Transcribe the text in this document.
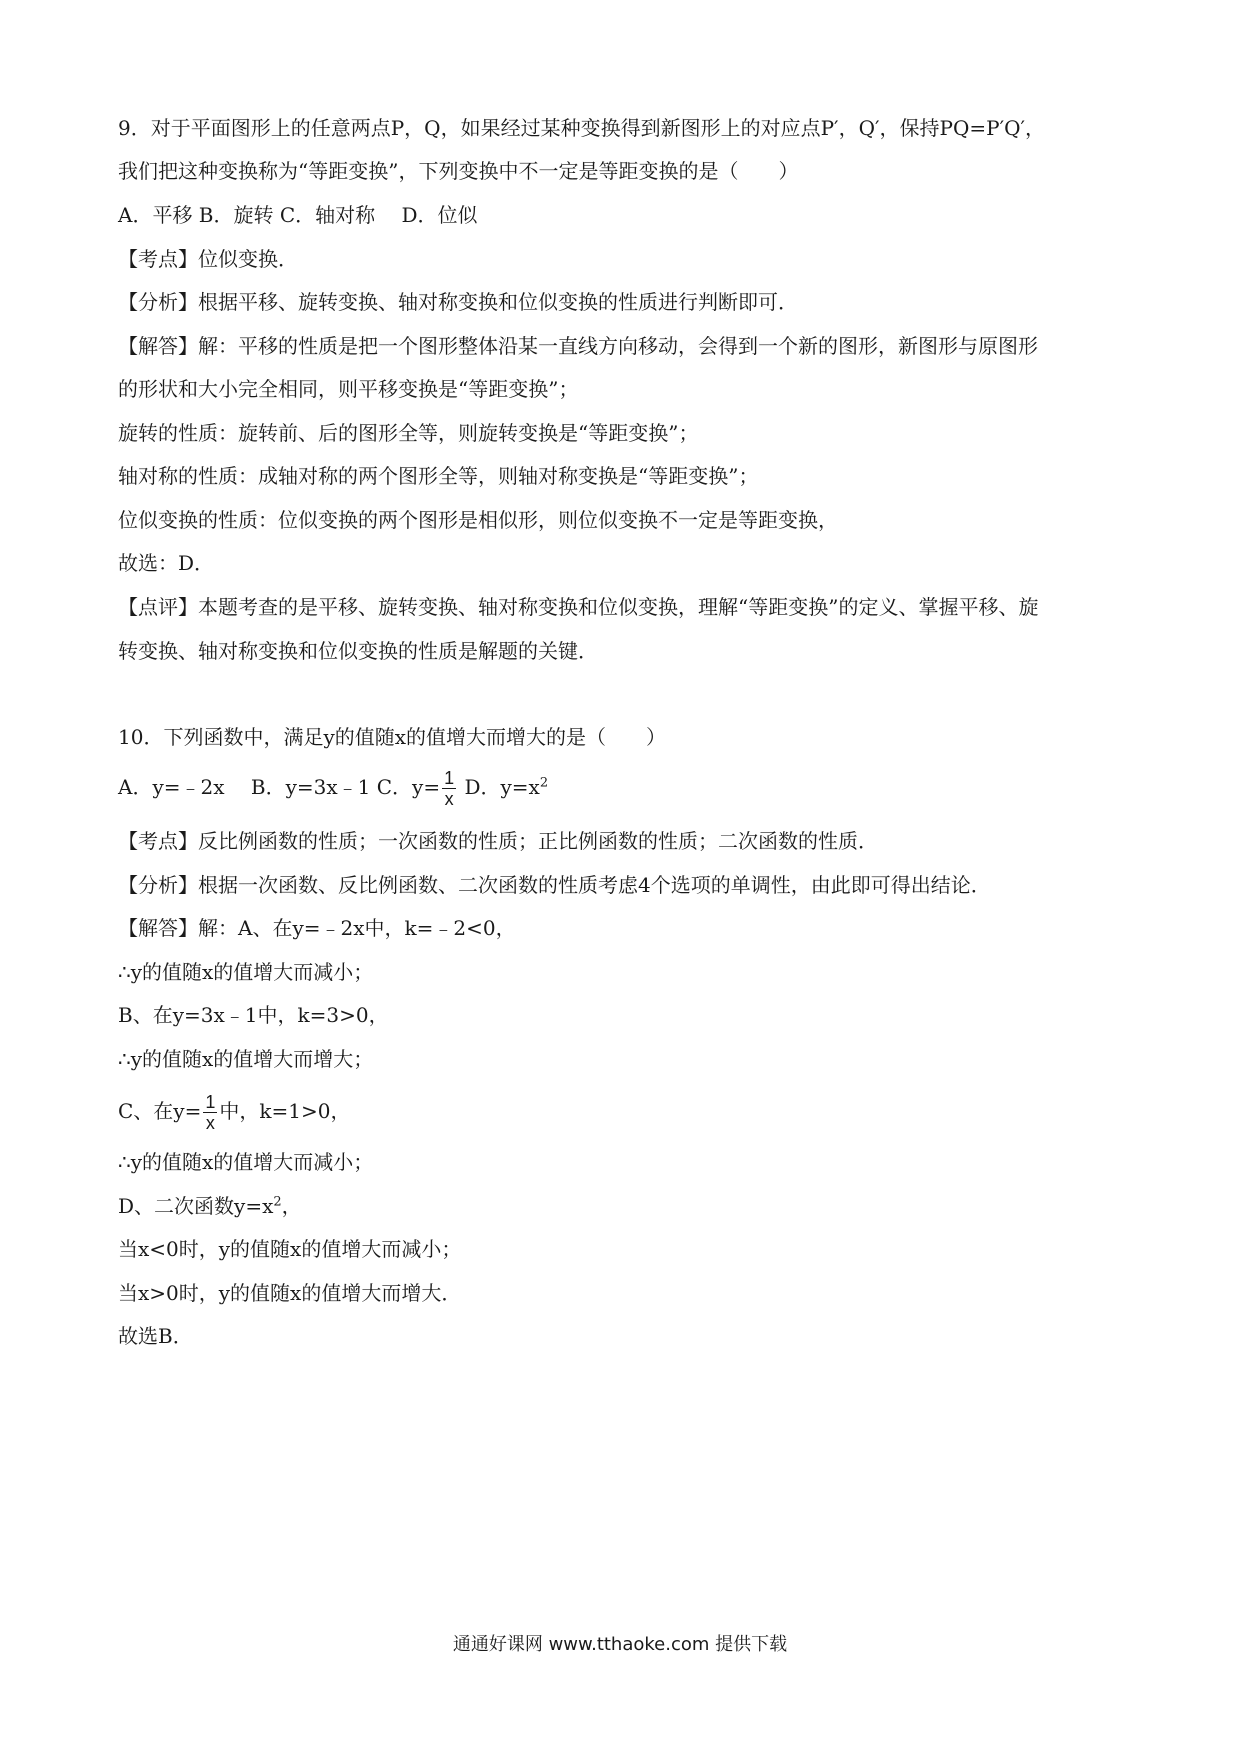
9．对于平面图形上的任意两点P，Q，如果经过某种变换得到新图形上的对应点P′，Q′，保持PQ=P′Q′，
我们把这种变换称为“等距变换”，下列变换中不一定是等距变换的是（　　）
A．平移 B．旋转 C．轴对称　 D．位似
【考点】位似变换．
【分析】根据平移、旋转变换、轴对称变换和位似变换的性质进行判断即可．
【解答】解：平移的性质是把一个图形整体沿某一直线方向移动，会得到一个新的图形，新图形与原图形
的形状和大小完全相同，则平移变换是“等距变换”；
旋转的性质：旋转前、后的图形全等，则旋转变换是“等距变换”；
轴对称的性质：成轴对称的两个图形全等，则轴对称变换是“等距变换”；
位似变换的性质：位似变换的两个图形是相似形，则位似变换不一定是等距变换，
故选：D．
【点评】本题考查的是平移、旋转变换、轴对称变换和位似变换，理解“等距变换”的定义、掌握平移、旋
转变换、轴对称变换和位似变换的性质是解题的关键．
10．下列函数中，满足y的值随x的值增大而增大的是（　　）
A．y=﹣2x　 B．y=3x﹣1 C．$y= \frac{1}{x}$ D．$y=x^2$
【考点】反比例函数的性质；一次函数的性质；正比例函数的性质；二次函数的性质．
【分析】根据一次函数、反比例函数、二次函数的性质考虑4个选项的单调性，由此即可得出结论．
【解答】解：A、在y=﹣2x中，k=﹣2<0，
∴y的值随x的值增大而减小；
B、在y=3x﹣1中，k=3>0，
∴y的值随x的值增大而增大；
C、在$y= \frac{1}{x}$ 中，k=1>0，
∴y的值随x的值增大而减小；
D、二次函数$y=x^2$，
当x<0时，y的值随x的值增大而减小；
当x>0时，y的值随x的值增大而增大．
故选B．
通通好课网 www.tthaoke.com 提供下载
